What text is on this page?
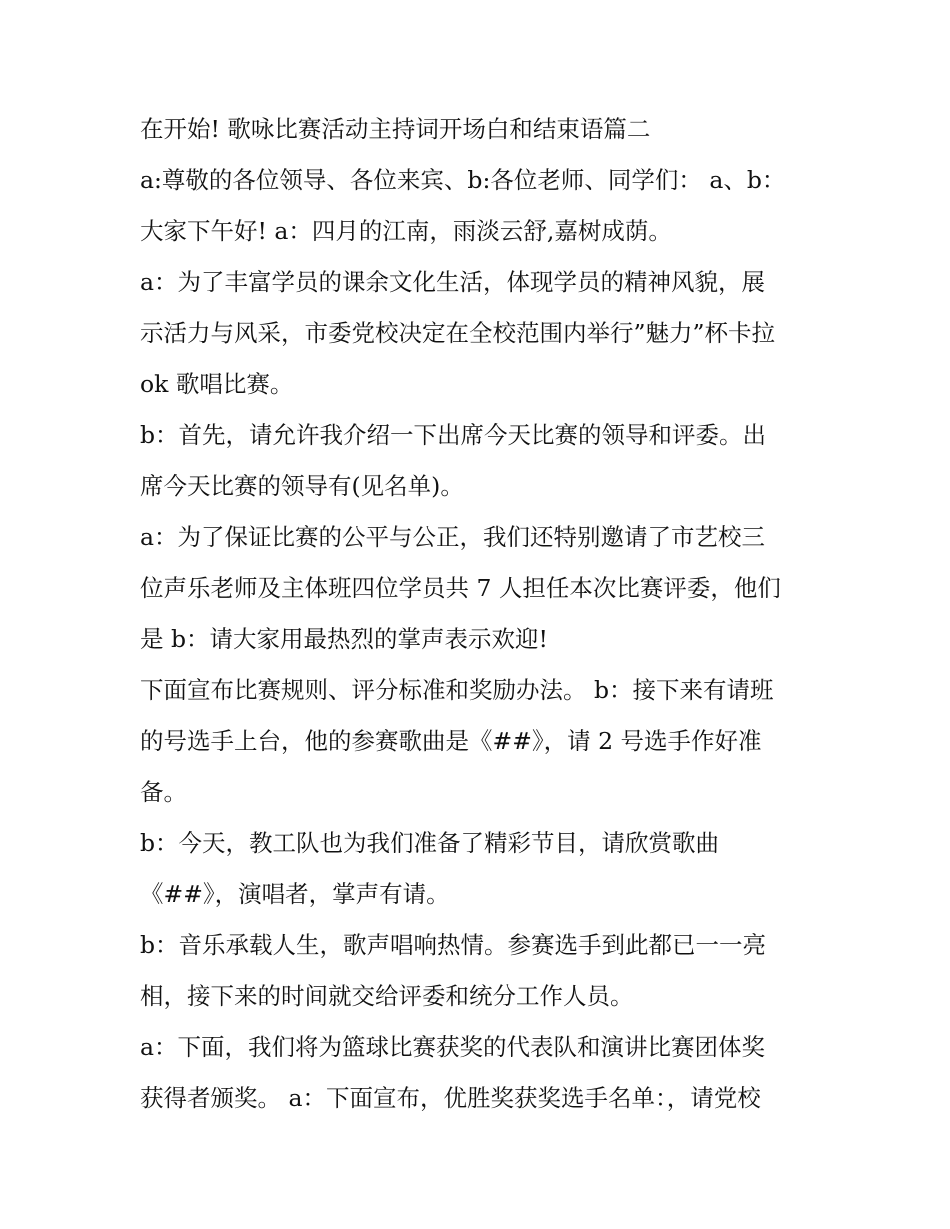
在开始! 歌咏比赛活动主持词开场白和结束语篇二
a:尊敬的各位领导、各位来宾、b:各位老师、同学们： a、b：
大家下午好! a：四月的江南，雨淡云舒,嘉树成荫。
a：为了丰富学员的课余文化生活，体现学员的精神风貌，展
示活力与风采，市委党校决定在全校范围内举行”魅力”杯卡拉
ok 歌唱比赛。
b：首先，请允许我介绍一下出席今天比赛的领导和评委。出
席今天比赛的领导有(见名单)。
a：为了保证比赛的公平与公正，我们还特别邀请了市艺校三
位声乐老师及主体班四位学员共 7 人担任本次比赛评委，他们
是 b：请大家用最热烈的掌声表示欢迎!
下面宣布比赛规则、评分标准和奖励办法。 b：接下来有请班
的号选手上台，他的参赛歌曲是《##》，请 2 号选手作好准
备。
b：今天，教工队也为我们准备了精彩节目，请欣赏歌曲
《##》，演唱者，掌声有请。
b：音乐承载人生，歌声唱响热情。参赛选手到此都已一一亮
相，接下来的时间就交给评委和统分工作人员。
a：下面，我们将为篮球比赛获奖的代表队和演讲比赛团体奖
获得者颁奖。 a：下面宣布，优胜奖获奖选手名单：，请党校
